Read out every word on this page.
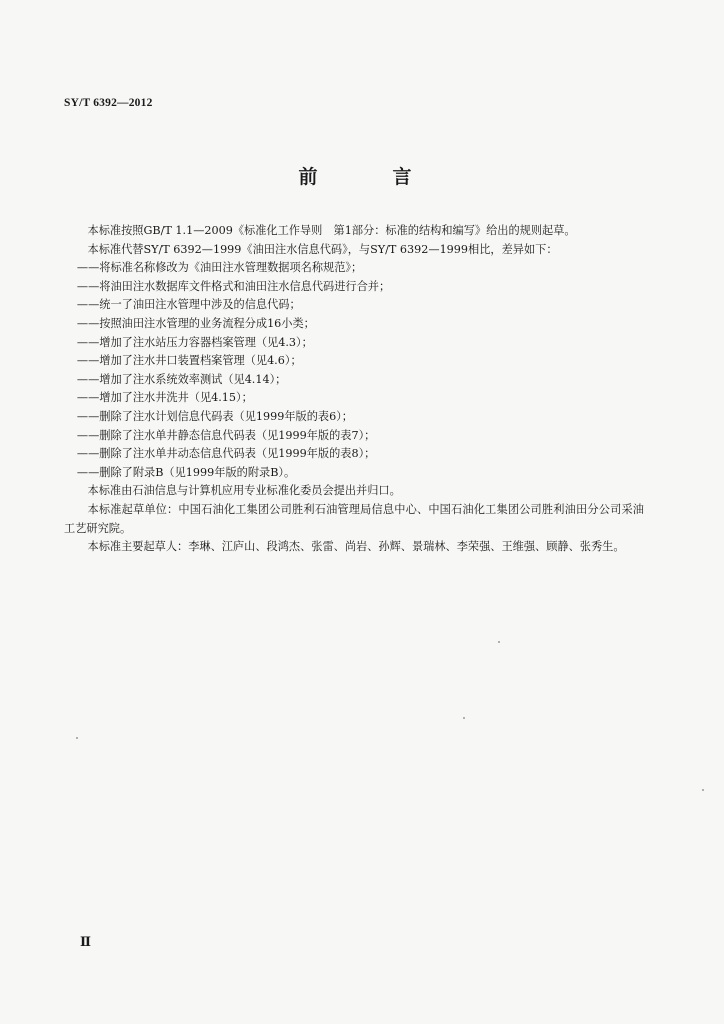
SY/T 6392—2012
前　言

本标准按照GB/T 1.1—2009《标准化工作导则　第1部分：标准的结构和编写》给出的规则起草。

本标准代替SY/T 6392—1999《油田注水信息代码》，与SY/T 6392—1999相比，差异如下：

——将标准名称修改为《油田注水管理数据项名称规范》；

——将油田注水数据库文件格式和油田注水信息代码进行合并；

——统一了油田注水管理中涉及的信息代码；

——按照油田注水管理的业务流程分成16小类；

——增加了注水站压力容器档案管理（见4.3）；

——增加了注水井口装置档案管理（见4.6）；

——增加了注水系统效率测试（见4.14）；

——增加了注水井洗井（见4.15）；

——删除了注水计划信息代码表（见1999年版的表6）；

——删除了注水单井静态信息代码表（见1999年版的表7）；

——删除了注水单井动态信息代码表（见1999年版的表8）；

——删除了附录B（见1999年版的附录B）。

本标准由石油信息与计算机应用专业标准化委员会提出并归口。

本标准起草单位：中国石油化工集团公司胜利石油管理局信息中心、中国石油化工集团公司胜利油田分公司采油工艺研究院。

本标准主要起草人：李琳、江庐山、段鸿杰、张雷、尚岩、孙辉、景瑞林、李荣强、王维强、顾静、张秀生。

Ⅱ
